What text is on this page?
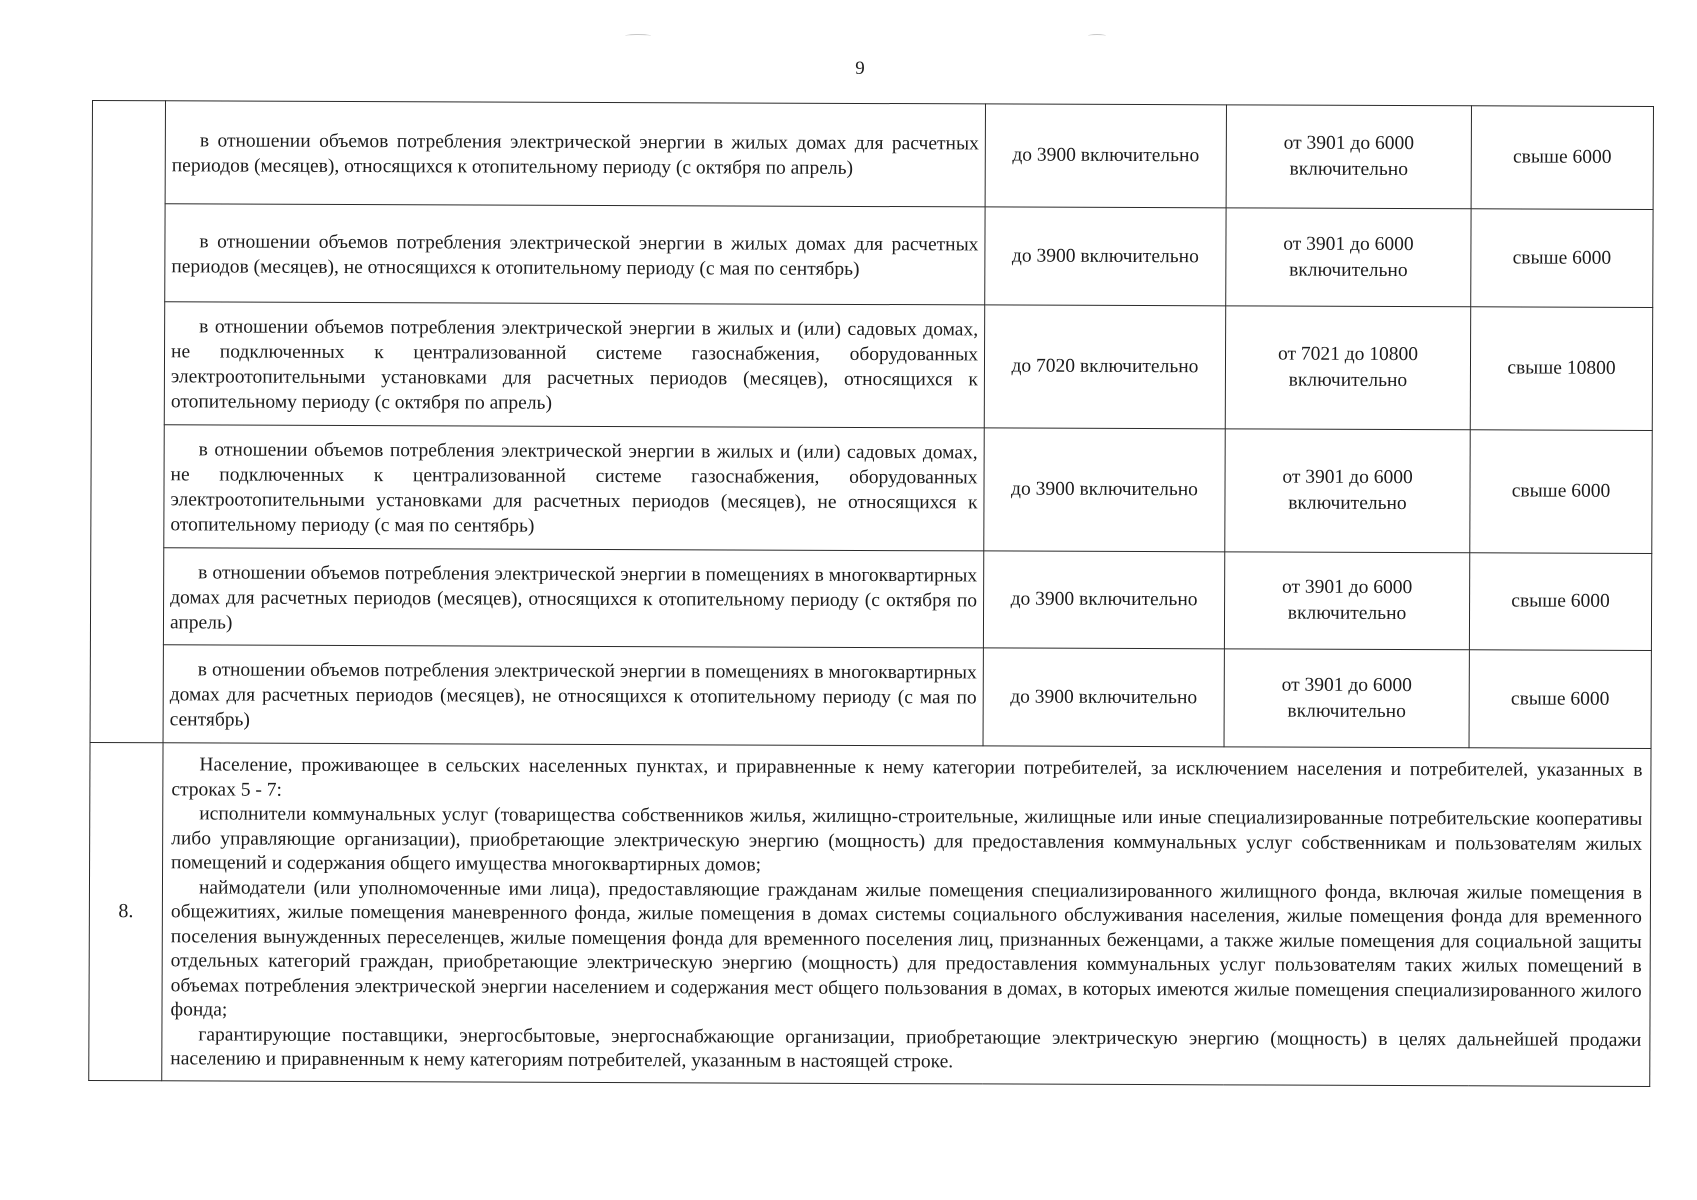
9
	в отношении объемов потребления электрической энергии в жилых домах для расчетных периодов (месяцев), относящихся к отопительному периоду (с октября по апрель)	до 3900 включительно	от 3901 до 6000 включительно	свыше 6000
	в отношении объемов потребления электрической энергии в жилых домах для расчетных периодов (месяцев), не относящихся к отопительному периоду (с мая по сентябрь)	до 3900 включительно	от 3901 до 6000 включительно	свыше 6000
	в отношении объемов потребления электрической энергии в жилых и (или) садовых домах, не подключенных к централизованной системе газоснабжения, оборудованных электроотопительными установками для расчетных периодов (месяцев), относящихся к отопительному периоду (с октября по апрель)	до 7020 включительно	от 7021 до 10800 включительно	свыше 10800
	в отношении объемов потребления электрической энергии в жилых и (или) садовых домах, не подключенных к централизованной системе газоснабжения, оборудованных электроотопительными установками для расчетных периодов (месяцев), не относящихся к отопительному периоду (с мая по сентябрь)	до 3900 включительно	от 3901 до 6000 включительно	свыше 6000
	в отношении объемов потребления электрической энергии в помещениях в многоквартирных домах для расчетных периодов (месяцев), относящихся к отопительному периоду (с октября по апрель)	до 3900 включительно	от 3901 до 6000 включительно	свыше 6000
	в отношении объемов потребления электрической энергии в помещениях в многоквартирных домах для расчетных периодов (месяцев), не относящихся к отопительному периоду (с мая по сентябрь)	до 3900 включительно	от 3901 до 6000 включительно	свыше 6000
8.	Население, проживающее в сельских населенных пунктах, и приравненные к нему категории потребителей, за исключением населения и потребителей, указанных в строках 5 - 7:

исполнители коммунальных услуг (товарищества собственников жилья, жилищно-строительные, жилищные или иные специализированные потребительские кооперативы либо управляющие организации), приобретающие электрическую энергию (мощность) для предоставления коммунальных услуг собственникам и пользователям жилых помещений и содержания общего имущества многоквартирных домов;

наймодатели (или уполномоченные ими лица), предоставляющие гражданам жилые помещения специализированного жилищного фонда, включая жилые помещения в общежитиях, жилые помещения маневренного фонда, жилые помещения в домах системы социального обслуживания населения, жилые помещения фонда для временного поселения вынужденных переселенцев, жилые помещения фонда для временного поселения лиц, признанных беженцами, а также жилые помещения для социальной защиты отдельных категорий граждан, приобретающие электрическую энергию (мощность) для предоставления коммунальных услуг пользователям таких жилых помещений в объемах потребления электрической энергии населением и содержания мест общего пользования в домах, в которых имеются жилые помещения специализированного жилого фонда;

гарантирующие поставщики, энергосбытовые, энергоснабжающие организации, приобретающие электрическую энергию (мощность) в целях дальнейшей продажи населению и приравненным к нему категориям потребителей, указанным в настоящей строке.			
